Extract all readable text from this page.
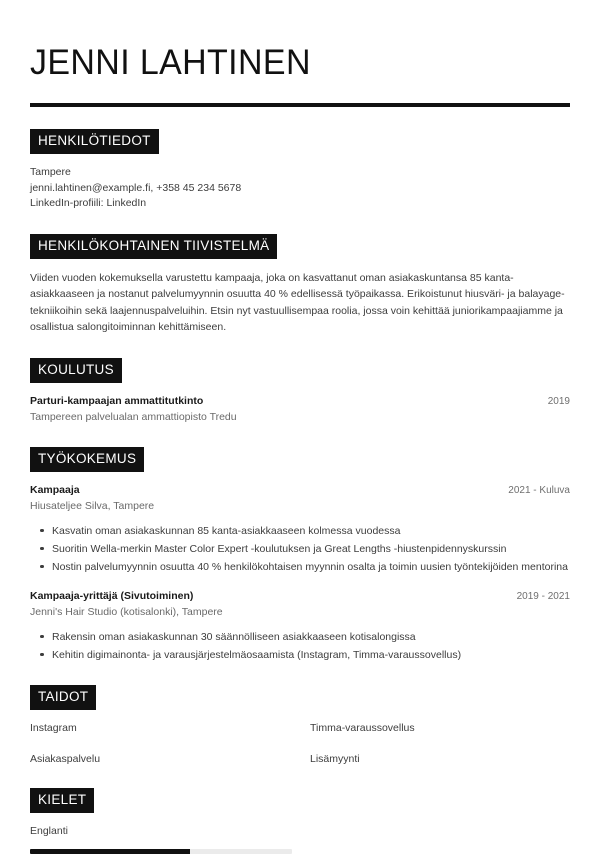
JENNI LAHTINEN
HENKILÖTIEDOT
Tampere
jenni.lahtinen@example.fi, +358 45 234 5678
LinkedIn-profiili: LinkedIn
HENKILÖKOHTAINEN TIIVISTELMÄ
Viiden vuoden kokemuksella varustettu kampaaja, joka on kasvattanut oman asiakaskuntansa 85 kanta-asiakkaaseen ja nostanut palvelumyynnin osuutta 40 % edellisessä työpaikassa. Erikoistunut hiusväri- ja balayage-tekniikoihin sekä laajennuspalveluihin. Etsin nyt vastuullisempaa roolia, jossa voin kehittää juniorikampaajiamme ja osallistua salongitoiminnan kehittämiseen.
KOULUTUS
Parturi-kampaajan ammattitutkinto	2019
Tampereen palvelualan ammattiopisto Tredu
TYÖKOKEMUS
Kampaaja	2021 - Kuluva
Hiusateljee Silva, Tampere
Kasvatin oman asiakaskunnan 85 kanta-asiakkaaseen kolmessa vuodessa
Suoritin Wella-merkin Master Color Expert -koulutuksen ja Great Lengths -hiustenpidennyskurssin
Nostin palvelumyynnin osuutta 40 % henkilökohtaisen myynnin osalta ja toimin uusien työntekijöiden mentorina
Kampaaja-yrittäjä (Sivutoiminen)	2019 - 2021
Jenni's Hair Studio (kotisalonki), Tampere
Rakensin oman asiakaskunnan 30 säännölliseen asiakkaaseen kotisalongissa
Kehitin digimainonta- ja varausjärjestelmäosaamista (Instagram, Timma-varaussovellus)
TAIDOT
Instagram	Timma-varaussovellus
Asiakaspalvelu	Lisämyynti
KIELET
Englanti
